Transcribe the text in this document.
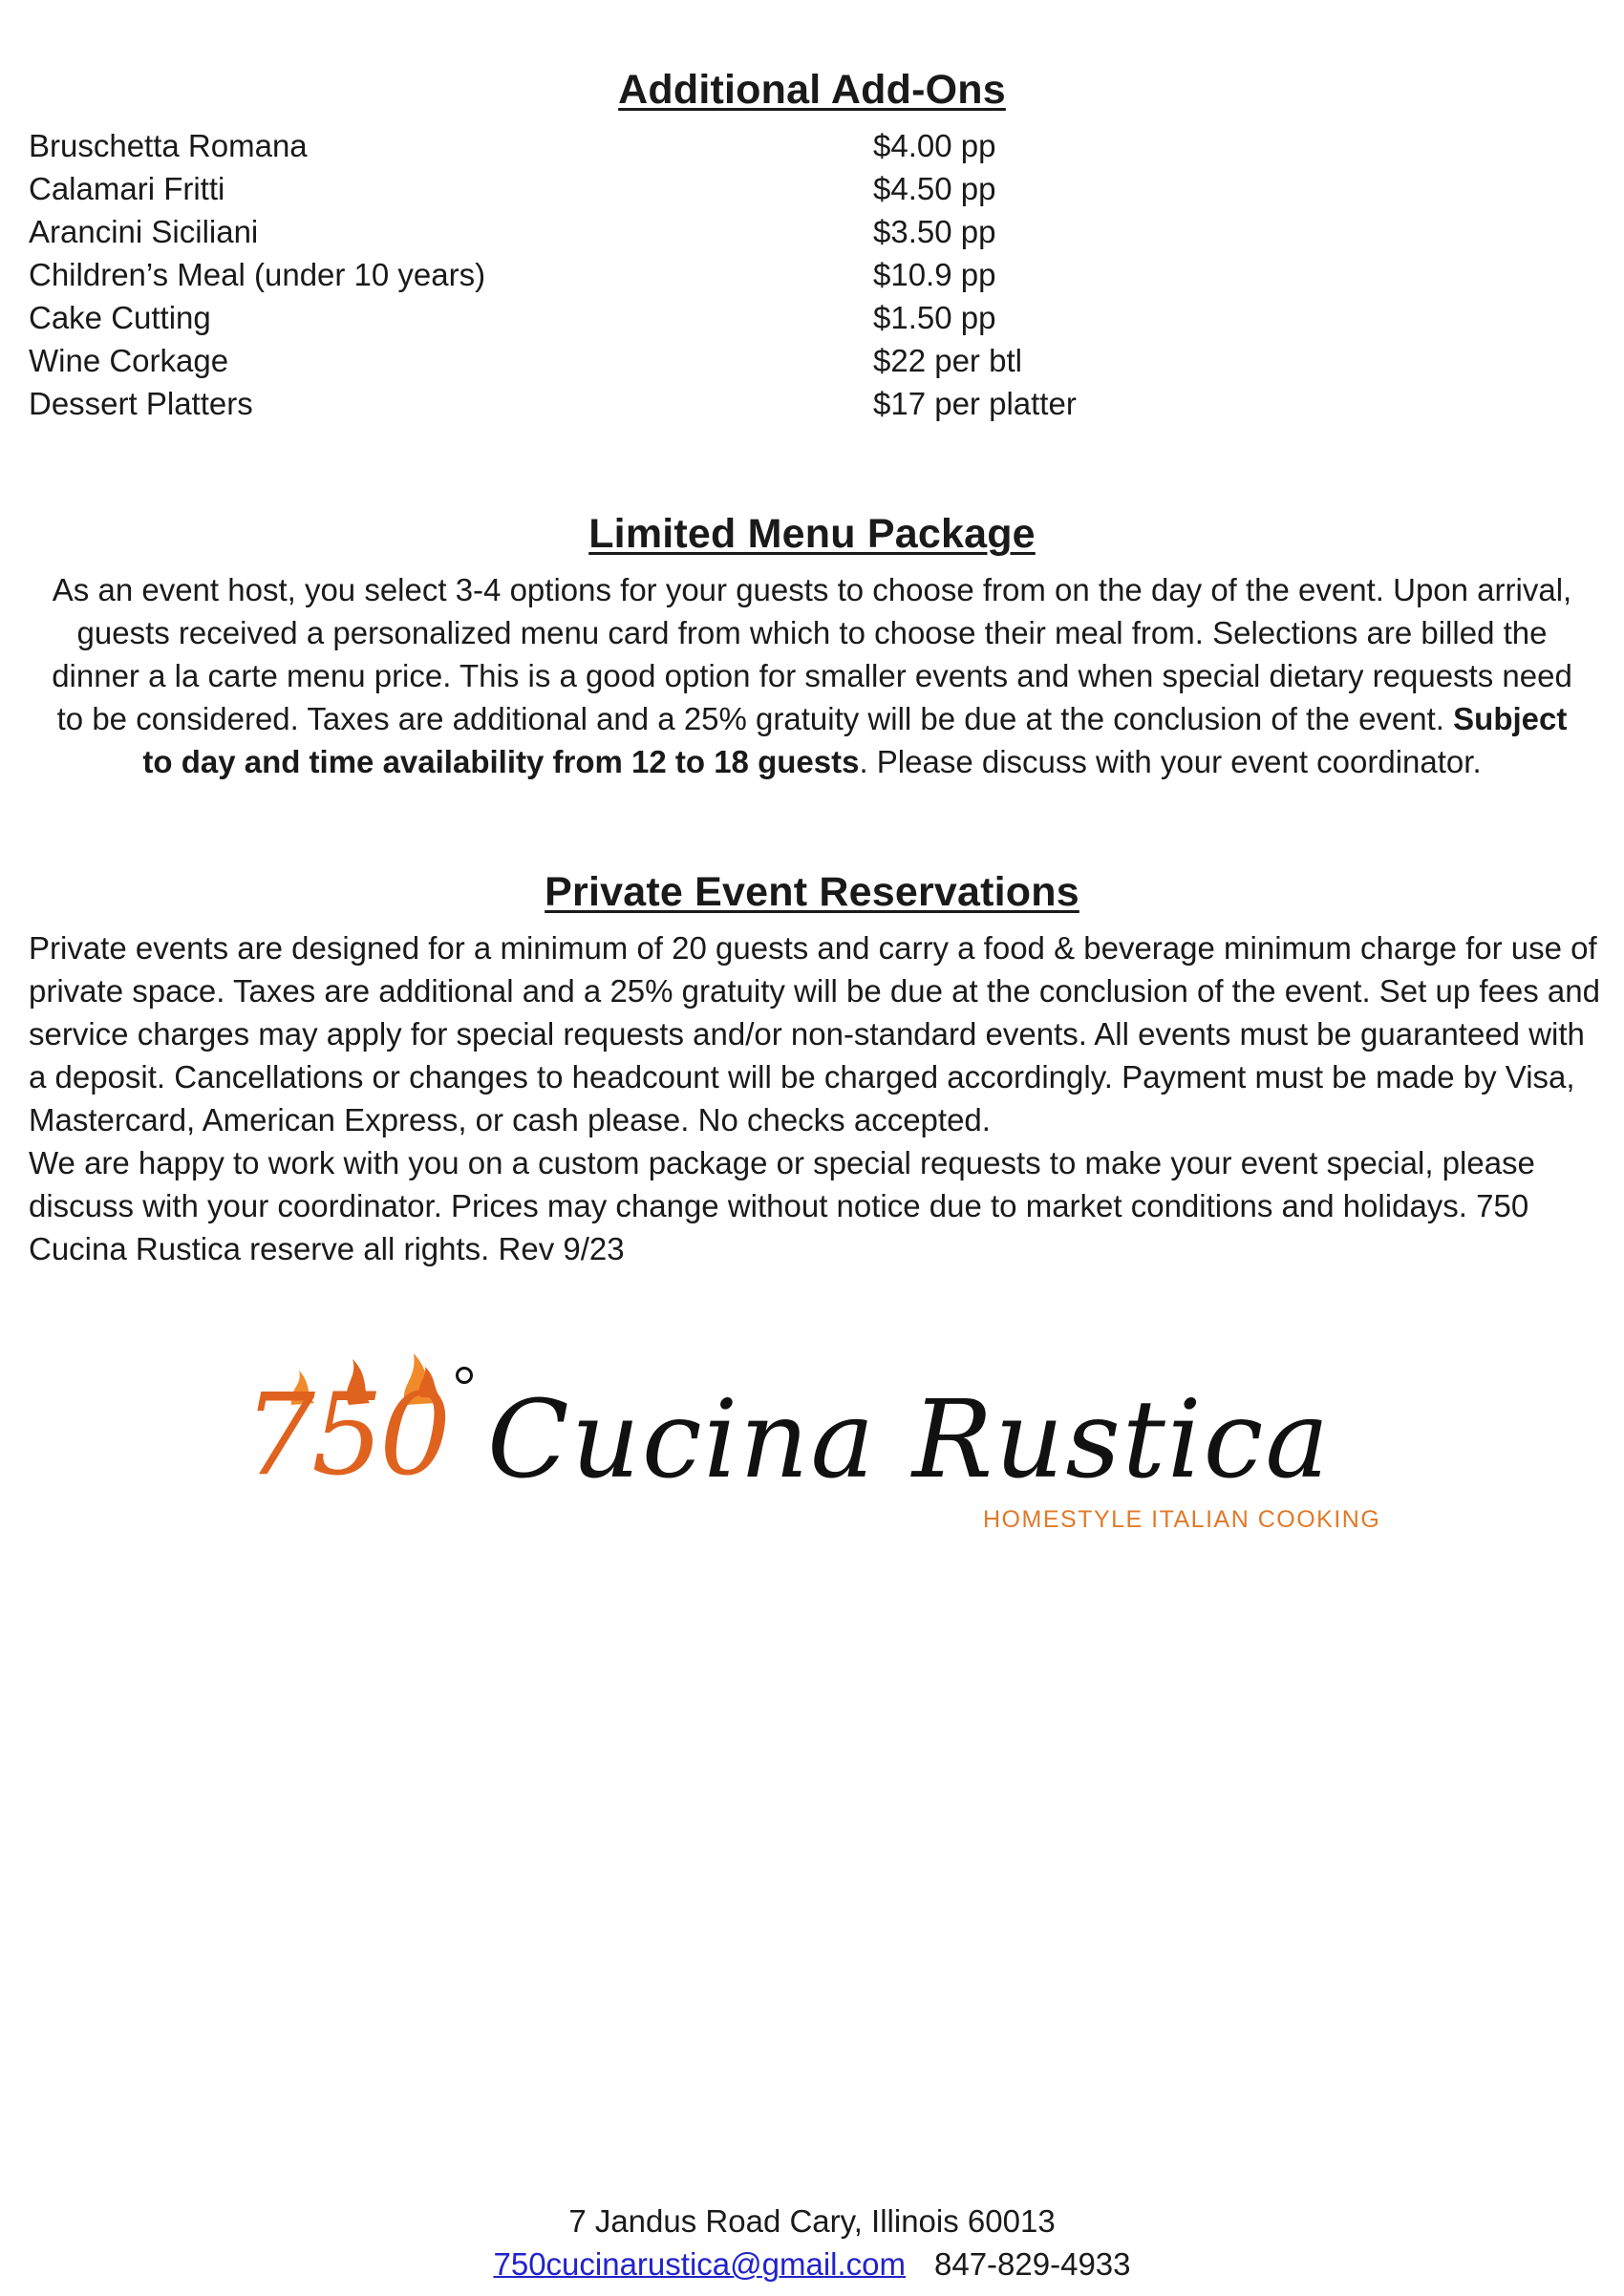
Additional Add-Ons
Bruschetta Romana	$4.00 pp
Calamari Fritti	$4.50 pp
Arancini Siciliani	$3.50 pp
Children’s Meal (under 10 years)	$10.9 pp
Cake Cutting	$1.50 pp
Wine Corkage	$22 per btl
Dessert Platters	$17 per platter
Limited Menu Package

As an event host, you select 3-4 options for your guests to choose from on the day of the event. Upon arrival, guests received a personalized menu card from which to choose their meal from. Selections are billed the dinner a la carte menu price. This is a good option for smaller events and when special dietary requests need to be considered. Taxes are additional and a 25% gratuity will be due at the conclusion of the event. Subject to day and time availability from 12 to 18 guests. Please discuss with your event coordinator.

Private Event Reservations

Private events are designed for a minimum of 20 guests and carry a food & beverage minimum charge for use of private space. Taxes are additional and a 25% gratuity will be due at the conclusion of the event. Set up fees and service charges may apply for special requests and/or non-standard events. All events must be guaranteed with a deposit. Cancellations or changes to headcount will be charged accordingly. Payment must be made by Visa, Mastercard, American Express, or cash please. No checks accepted.
We are happy to work with you on a custom package or special requests to make your event special, please discuss with your coordinator. Prices may change without notice due to market conditions and holidays. 750 Cucina Rustica reserve all rights. Rev 9/23

750 Cucina Rustica
HOMESTYLE ITALIAN COOKING
7 Jandus Road Cary, Illinois 60013
750cucinarustica@gmail.com 847-829-4933
